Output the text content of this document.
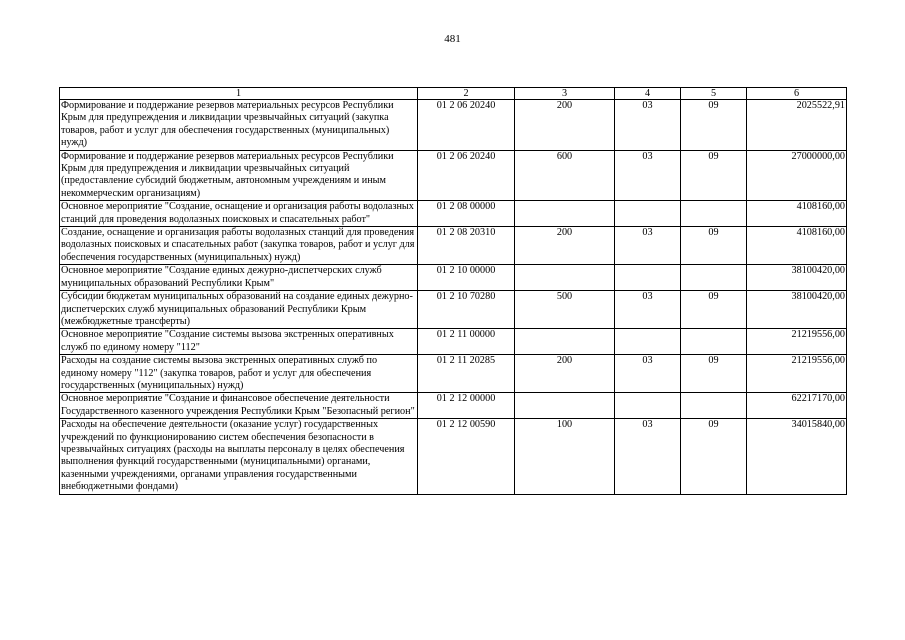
481
1	2	3	4	5	6
Формирование и поддержание резервов материальных ресурсов Республики Крым для предупреждения и ликвидации чрезвычайных ситуаций (закупка товаров, работ и услуг для обеспечения государственных (муниципальных) нужд)	01 2 06 20240	200	03	09	2025522,91
Формирование и поддержание резервов материальных ресурсов Республики Крым для предупреждения и ликвидации чрезвычайных ситуаций (предоставление субсидий бюджетным, автономным учреждениям и иным некоммерческим организациям)	01 2 06 20240	600	03	09	27000000,00
Основное мероприятие "Создание, оснащение и организация работы водолазных станций для проведения водолазных поисковых и спасательных работ"	01 2 08 00000				4108160,00
Создание, оснащение и организация работы водолазных станций для проведения водолазных поисковых и спасательных работ (закупка товаров, работ и услуг для обеспечения государственных (муниципальных) нужд)	01 2 08 20310	200	03	09	4108160,00
Основное мероприятие "Создание единых дежурно-диспетчерских служб муниципальных образований Республики Крым"	01 2 10 00000				38100420,00
Субсидии бюджетам муниципальных образований на создание единых дежурно-диспетчерских служб муниципальных образований Республики Крым (межбюджетные трансферты)	01 2 10 70280	500	03	09	38100420,00
Основное мероприятие "Создание системы вызова экстренных оперативных служб по единому номеру "112"	01 2 11 00000				21219556,00
Расходы на создание системы вызова экстренных оперативных служб по единому номеру "112" (закупка товаров, работ и услуг для обеспечения государственных (муниципальных) нужд)	01 2 11 20285	200	03	09	21219556,00
Основное мероприятие "Создание и финансовое обеспечение деятельности Государственного казенного учреждения Республики Крым "Безопасный регион"	01 2 12 00000				62217170,00
Расходы на обеспечение деятельности (оказание услуг) государственных учреждений по функционированию систем обеспечения безопасности в чрезвычайных ситуациях (расходы на выплаты персоналу в целях обеспечения выполнения функций государственными (муниципальными) органами, казенными учреждениями, органами управления государственными внебюджетными фондами)	01 2 12 00590	100	03	09	34015840,00
